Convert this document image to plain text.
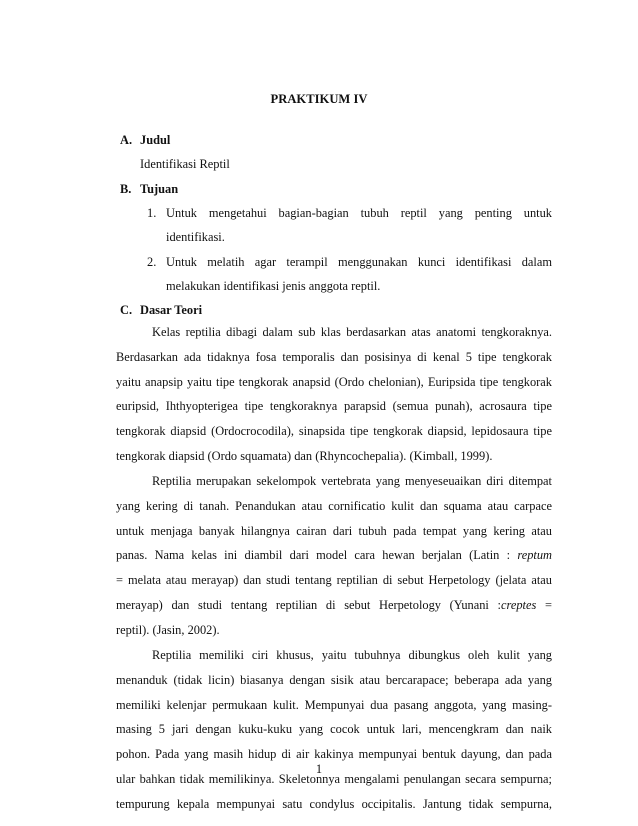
PRAKTIKUM IV
A. Judul
Identifikasi Reptil
B. Tujuan
1. Untuk mengetahui bagian-bagian tubuh reptil yang penting untuk
identifikasi.
2. Untuk melatih agar terampil menggunakan kunci identifikasi dalam
melakukan identifikasi jenis anggota reptil.
C. Dasar Teori
Kelas reptilia dibagi dalam sub klas berdasarkan atas anatomi tengkoraknya.
Berdasarkan ada tidaknya fosa temporalis dan posisinya di kenal 5 tipe tengkorak
yaitu anapsip yaitu tipe tengkorak anapsid (Ordo chelonian), Euripsida tipe tengkorak
euripsid, Ihthyopterigea tipe tengkoraknya parapsid (semua punah), acrosaura tipe
tengkorak diapsid (Ordocrocodila), sinapsida tipe tengkorak diapsid, lepidosaura tipe
tengkorak diapsid (Ordo squamata) dan (Rhyncochepalia). (Kimball, 1999).
Reptilia merupakan sekelompok vertebrata yang menyeseuaikan diri ditempat
yang kering di tanah. Penandukan atau cornificatio kulit dan squama atau carpace
untuk menjaga banyak hilangnya cairan dari tubuh pada tempat yang kering atau
panas. Nama kelas ini diambil dari model cara hewan berjalan (Latin : reptum
= melata atau merayap) dan studi tentang reptilian di sebut Herpetology (jelata atau
merayap) dan studi tentang reptilian di sebut Herpetology (Yunani :creptes =
reptil). (Jasin, 2002).
Reptilia memiliki ciri khusus, yaitu tubuhnya dibungkus oleh kulit yang
menanduk (tidak licin) biasanya dengan sisik atau bercarapace; beberapa ada yang
memiliki kelenjar permukaan kulit. Mempunyai dua pasang anggota, yang masing-
masing 5 jari dengan kuku-kuku yang cocok untuk lari, mencengkram dan naik
pohon. Pada yang masih hidup di air kakinya mempunyai bentuk dayung, dan pada
ular bahkan tidak memilikinya. Skeletonnya mengalami penulangan secara sempurna;
tempurung kepala mempunyai satu condylus occipitalis. Jantung tidak sempurna,
1
